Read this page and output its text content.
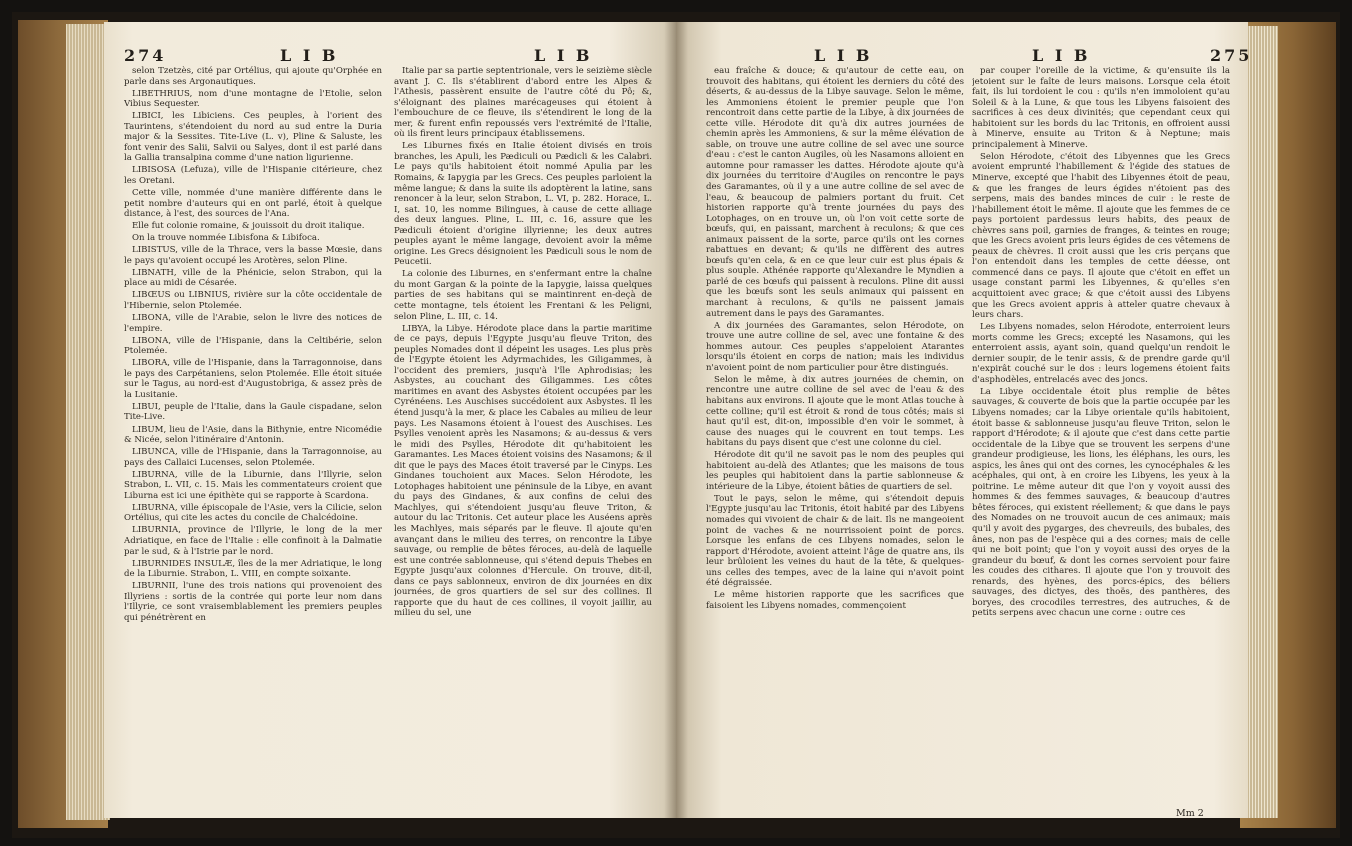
274	L I B	L I B

selon Tzetzès, cité par Ortélius, qui ajoute qu'Orphée en parle dans ses Argonautiques.

LIBETHRIUS, nom d'une montagne de l'Etolie, selon Vibius Sequester.

LIBICI, les Libiciens. Ces peuples, à l'orient des Taurintens, s'étendoient du nord au sud entre la Duria major & la Sessites. Tite-Live (L. v), Pline & Saluste, les font venir des Salii, Salvii ou Salyes, dont il est parlé dans la Gallia transalpina comme d'une nation ligurienne.

LIBISOSA (Lefuza), ville de l'Hispanie citérieure, chez les Oretani.

Cette ville, nommée d'une manière différente dans le petit nombre d'auteurs qui en ont parlé, étoit à quelque distance, à l'est, des sources de l'Ana.

Elle fut colonie romaine, & jouissoit du droit italique.

On la trouve nommée Libisfona & Libifoca.

LIBISTUS, ville de la Thrace, vers la basse Mœsie, dans le pays qu'avoient occupé les Arotères, selon Pline.

LIBNATH, ville de la Phénicie, selon Strabon, qui la place au midi de Césarée.

LIBŒUS ou LIBNIUS, rivière sur la côte occidentale de l'Hibernie, selon Ptolemée.

LIBONA, ville de l'Arabie, selon le livre des notices de l'empire.

LIBONA, ville de l'Hispanie, dans la Celtibérie, selon Ptolemée.

LIBORA, ville de l'Hispanie, dans la Tarragonnoise, dans le pays des Carpétaniens, selon Ptolemée. Elle étoit située sur le Tagus, au nord-est d'Augustobriga, & assez près de la Lusitanie.

LIBUI, peuple de l'Italie, dans la Gaule cispadane, selon Tite-Live.

LIBUM, lieu de l'Asie, dans la Bithynie, entre Nicomédie & Nicée, selon l'itinéraire d'Antonin.

LIBUNCA, ville de l'Hispanie, dans la Tarragonnoise, au pays des Callaici Lucenses, selon Ptolemée.

LIBURNA, ville de la Liburnie, dans l'Illyrie, selon Strabon, L. VII, c. 15. Mais les commentateurs croient que Liburna est ici une épithète qui se rapporte à Scardona.

LIBURNA, ville épiscopale de l'Asie, vers la Cilicie, selon Ortélius, qui cite les actes du concile de Chalcédoine.

LIBURNIA, province de l'Illyrie, le long de la mer Adriatique, en face de l'Italie : elle confinoit à la Dalmatie par le sud, & à l'Istrie par le nord.

LIBURNIDES INSULÆ, îles de la mer Adriatique, le long de la Liburnie. Strabon, L. VIII, en compte soixante.

LIBURNII, l'une des trois nations qui provenoient des Illyriens : sortis de la contrée qui porte leur nom dans l'Illyrie, ce sont vraisemblablement les premiers peuples qui pénétrèrent en

Italie par sa partie septentrionale, vers le seizième siècle avant J. C. Ils s'établirent d'abord entre les Alpes & l'Athesis, passèrent ensuite de l'autre côté du Pô; &, s'éloignant des plaines marécageuses qui étoient à l'embouchure de ce fleuve, ils s'étendirent le long de la mer, & furent enfin repoussés vers l'extrémité de l'Italie, où ils firent leurs principaux établissemens.

Les Liburnes fixés en Italie étoient divisés en trois branches, les Apuli, les Pædiculi ou Pædicli & les Calabri. Le pays qu'ils habitoient étoit nommé Apulia par les Romains, & Iapygia par les Grecs. Ces peuples parloient la même langue; & dans la suite ils adoptèrent la latine, sans renoncer à la leur, selon Strabon, L. VI, p. 282. Horace, L. I, sat. 10, les nomme Bilingues, à cause de cette alliage des deux langues. Pline, L. III, c. 16, assure que les Pædiculi étoient d'origine illyrienne; les deux autres peuples ayant le même langage, devoient avoir la même origine. Les Grecs désignoient les Pædiculi sous le nom de Peucetii.

La colonie des Liburnes, en s'enfermant entre la chaîne du mont Gargan & la pointe de la Iapygie, laissa quelques parties de ses habitans qui se maintinrent en-deçà de cette montagne, tels étoient les Frentani & les Peligni, selon Pline, L. III, c. 14.

LIBYA, la Libye. Hérodote place dans la partie maritime de ce pays, depuis l'Egypte jusqu'au fleuve Triton, des peuples Nomades dont il dépeint les usages. Les plus près de l'Egypte étoient les Adyrmachides, les Giligammes, à l'occident des premiers, jusqu'à l'île Aphrodisias; les Asbystes, au couchant des Giligammes. Les côtes maritimes en avant des Asbystes étoient occupées par les Cyrénéens. Les Auschises succédoient aux Asbystes. Il les étend jusqu'à la mer, & place les Cabales au milieu de leur pays. Les Nasamons étoient à l'ouest des Auschises. Les Psylles venoient après les Nasamons; & au-dessus & vers le midi des Psylles, Hérodote dit qu'habitoient les Garamantes. Les Maces étoient voisins des Nasamons; & il dit que le pays des Maces étoit traversé par le Cinyps. Les Gindanes touchoient aux Maces. Selon Hérodote, les Lotophages habitoient une péninsule de la Libye, en avant du pays des Gindanes, & aux confins de celui des Machlyes, qui s'étendoient jusqu'au fleuve Triton, & autour du lac Tritonis. Cet auteur place les Auséens après les Machlyes, mais séparés par le fleuve. Il ajoute qu'en avançant dans le milieu des terres, on rencontre la Libye sauvage, ou remplie de bêtes féroces, au-delà de laquelle est une contrée sablonneuse, qui s'étend depuis Thebes en Egypte jusqu'aux colonnes d'Hercule. On trouve, dit-il, dans ce pays sablonneux, environ de dix journées en dix journées, de gros quartiers de sel sur des collines. Il rapporte que du haut de ces collines, il voyoit jaillir, au milieu du sel, une

L I B	L I B	275

eau fraîche & douce; & qu'autour de cette eau, on trouvoit des habitans, qui étoient les derniers du côté des déserts, & au-dessus de la Libye sauvage. Selon le même, les Ammoniens étoient le premier peuple que l'on rencontroit dans cette partie de la Libye, à dix journées de cette ville. Hérodote dit qu'à dix autres journées de chemin après les Ammoniens, & sur la même élévation de sable, on trouve une autre colline de sel avec une source d'eau : c'est le canton Augiles, où les Nasamons alloient en automne pour ramasser les dattes. Hérodote ajoute qu'à dix journées du territoire d'Augiles on rencontre le pays des Garamantes, où il y a une autre colline de sel avec de l'eau, & beaucoup de palmiers portant du fruit. Cet historien rapporte qu'à trente journées du pays des Lotophages, on en trouve un, où l'on voit cette sorte de bœufs, qui, en paissant, marchent à reculons; & que ces animaux paissent de la sorte, parce qu'ils ont les cornes rabattues en devant; & qu'ils ne diffèrent des autres bœufs qu'en cela, & en ce que leur cuir est plus épais & plus souple. Athénée rapporte qu'Alexandre le Myndien a parlé de ces bœufs qui paissent à reculons. Pline dit aussi que les bœufs sont les seuls animaux qui paissent en marchant à reculons, & qu'ils ne paissent jamais autrement dans le pays des Garamantes.

A dix journées des Garamantes, selon Hérodote, on trouve une autre colline de sel, avec une fontaine & des hommes autour. Ces peuples s'appeloient Atarantes lorsqu'ils étoient en corps de nation; mais les individus n'avoient point de nom particulier pour être distingués.

Selon le même, à dix autres journées de chemin, on rencontre une autre colline de sel avec de l'eau & des habitans aux environs. Il ajoute que le mont Atlas touche à cette colline; qu'il est étroit & rond de tous côtés; mais si haut qu'il est, dit-on, impossible d'en voir le sommet, à cause des nuages qui le couvrent en tout temps. Les habitans du pays disent que c'est une colonne du ciel.

Hérodote dit qu'il ne savoit pas le nom des peuples qui habitoient au-delà des Atlantes; que les maisons de tous les peuples qui habitoient dans la partie sablonneuse & intérieure de la Libye, étoient bâties de quartiers de sel.

Tout le pays, selon le même, qui s'étendoit depuis l'Egypte jusqu'au lac Tritonis, étoit habité par des Libyens nomades qui vivoient de chair & de lait. Ils ne mangeoient point de vaches & ne nourrissoient point de porcs. Lorsque les enfans de ces Libyens nomades, selon le rapport d'Hérodote, avoient atteint l'âge de quatre ans, ils leur brûloient les veines du haut de la tête, & quelques-uns celles des tempes, avec de la laine qui n'avoit point été dégraissée.

Le même historien rapporte que les sacrifices que faisoient les Libyens nomades, commençoient

par couper l'oreille de la victime, & qu'ensuite ils la jetoient sur le faîte de leurs maisons. Lorsque cela étoit fait, ils lui tordoient le cou : qu'ils n'en immoloient qu'au Soleil & à la Lune, & que tous les Libyens faisoient des sacrifices à ces deux divinités; que cependant ceux qui habitoient sur les bords du lac Tritonis, en offroient aussi à Minerve, ensuite au Triton & à Neptune; mais principalement à Minerve.

Selon Hérodote, c'étoit des Libyennes que les Grecs avoient emprunté l'habillement & l'égide des statues de Minerve, excepté que l'habit des Libyennes étoit de peau, & que les franges de leurs égides n'étoient pas des serpens, mais des bandes minces de cuir : le reste de l'habillement étoit le même. Il ajoute que les femmes de ce pays portoient pardessus leurs habits, des peaux de chèvres sans poil, garnies de franges, & teintes en rouge; que les Grecs avoient pris leurs égides de ces vêtemens de peaux de chèvres. Il croit aussi que les cris perçans que l'on entendoit dans les temples de cette déesse, ont commencé dans ce pays. Il ajoute que c'étoit en effet un usage constant parmi les Libyennes, & qu'elles s'en acquittoient avec grace; & que c'étoit aussi des Libyens que les Grecs avoient appris à atteler quatre chevaux à leurs chars.

Les Libyens nomades, selon Hérodote, enterroient leurs morts comme les Grecs; excepté les Nasamons, qui les enterroient assis, ayant soin, quand quelqu'un rendoit le dernier soupir, de le tenir assis, & de prendre garde qu'il n'expirât couché sur le dos : leurs logemens étoient faits d'asphodèles, entrelacés avec des joncs.

La Libye occidentale étoit plus remplie de bêtes sauvages, & couverte de bois que la partie occupée par les Libyens nomades; car la Libye orientale qu'ils habitoient, étoit basse & sablonneuse jusqu'au fleuve Triton, selon le rapport d'Hérodote; & il ajoute que c'est dans cette partie occidentale de la Libye que se trouvent les serpens d'une grandeur prodigieuse, les lions, les éléphans, les ours, les aspics, les ânes qui ont des cornes, les cynocéphales & les acéphales, qui ont, à en croire les Libyens, les yeux à la poitrine. Le même auteur dit que l'on y voyoit aussi des hommes & des femmes sauvages, & beaucoup d'autres bêtes féroces, qui existent réellement; & que dans le pays des Nomades on ne trouvoit aucun de ces animaux; mais qu'il y avoit des pygarges, des chevreuils, des bubales, des ânes, non pas de l'espèce qui a des cornes; mais de celle qui ne boit point; que l'on y voyoit aussi des oryes de la grandeur du bœuf, & dont les cornes servoient pour faire les coudes des cithares. Il ajoute que l'on y trouvoit des renards, des hyènes, des porcs-épics, des béliers sauvages, des dictyes, des thoës, des panthères, des boryes, des crocodiles terrestres, des autruches, & de petits serpens avec chacun une corne : outre ces

Mm 2
